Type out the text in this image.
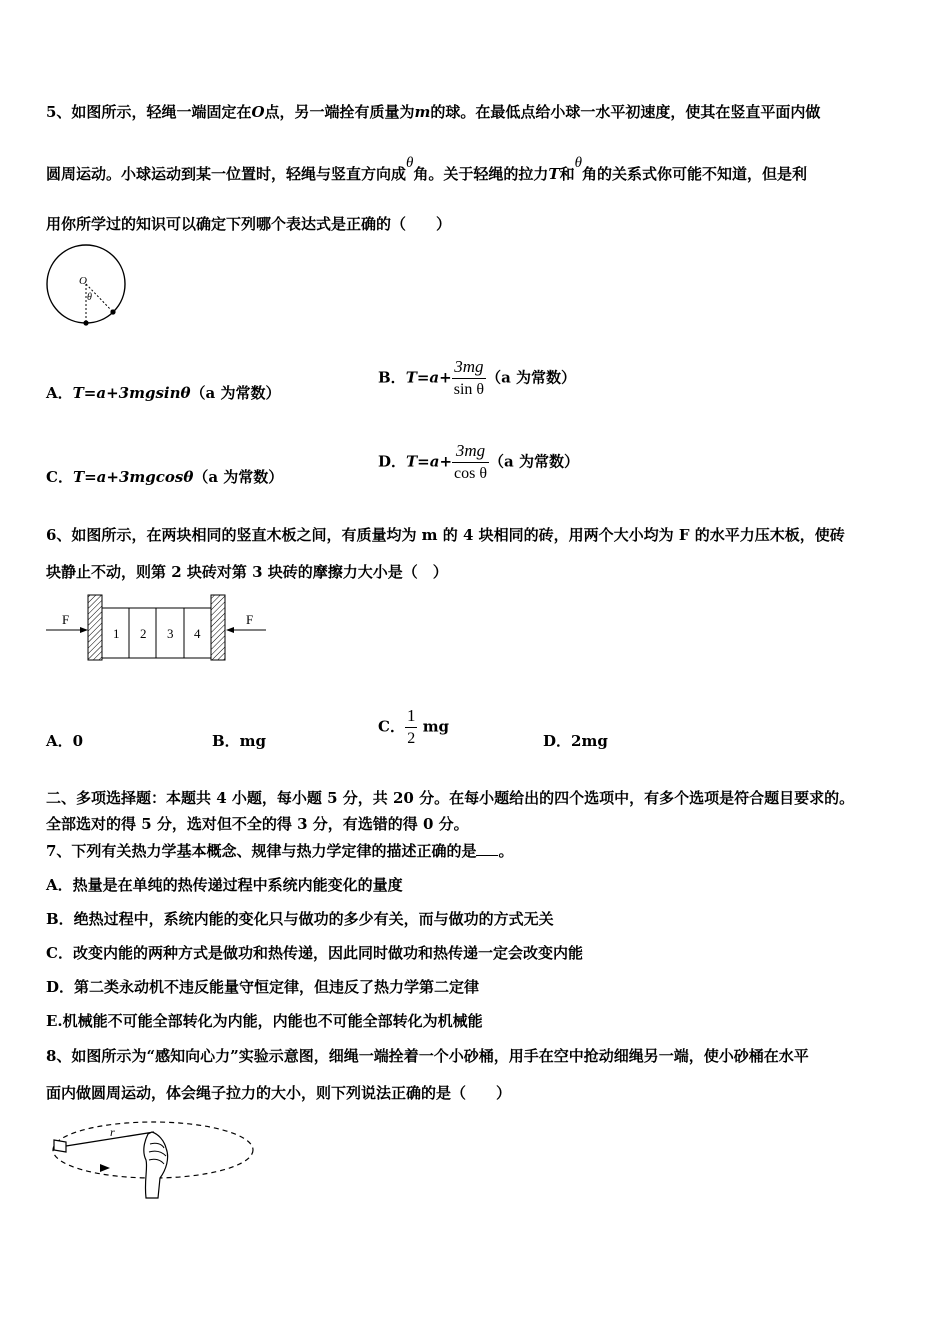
5、如图所示，轻绳一端固定在O点，另一端拴有质量为m的球。在最低点给小球一水平初速度，使其在竖直平面内做
圆周运动。小球运动到某一位置时，轻绳与竖直方向成θ角。关于轻绳的拉力T和θ角的关系式你可能不知道，但是利
用你所学过的知识可以确定下列哪个表达式是正确的（　　）
O
θ
A．T=a+3mgsinθ（a 为常数）
B．$T=a+ \frac{3mg}{\text{sin θ}} (a$ 为常数）
C．T=a+3mgcosθ（a 为常数）
D．$T=a+ \frac{3mg}{\text{cos θ}} (a$ 为常数）
6、如图所示，在两块相同的竖直木板之间，有质量均为 m 的 4 块相同的砖，用两个大小均为 F 的水平力压木板，使砖
块静止不动，则第 2 块砖对第 3 块砖的摩擦力大小是（　）
1 2 3 4
F	F
A．0	B．mg
C． $\frac{1}{2}$ mg
D．2mg
二、多项选择题：本题共 4 小题，每小题 5 分，共 20 分。在每小题给出的四个选项中，有多个选项是符合题目要求的。
全部选对的得 5 分，选对但不全的得 3 分，有选错的得 0 分。
7、下列有关热力学基本概念、规律与热力学定律的描述正确的是 。
A．热量是在单纯的热传递过程中系统内能变化的量度
B．绝热过程中，系统内能的变化只与做功的多少有关，而与做功的方式无关
C．改变内能的两种方式是做功和热传递，因此同时做功和热传递一定会改变内能
D．第二类永动机不违反能量守恒定律，但违反了热力学第二定律
E.机械能不可能全部转化为内能，内能也不可能全部转化为机械能
8、如图所示为“感知向心力”实验示意图，细绳一端拴着一个小砂桶，用手在空中抢动细绳另一端，使小砂桶在水平
面内做圆周运动，体会绳子拉力的大小，则下列说法正确的是（　　）
r
